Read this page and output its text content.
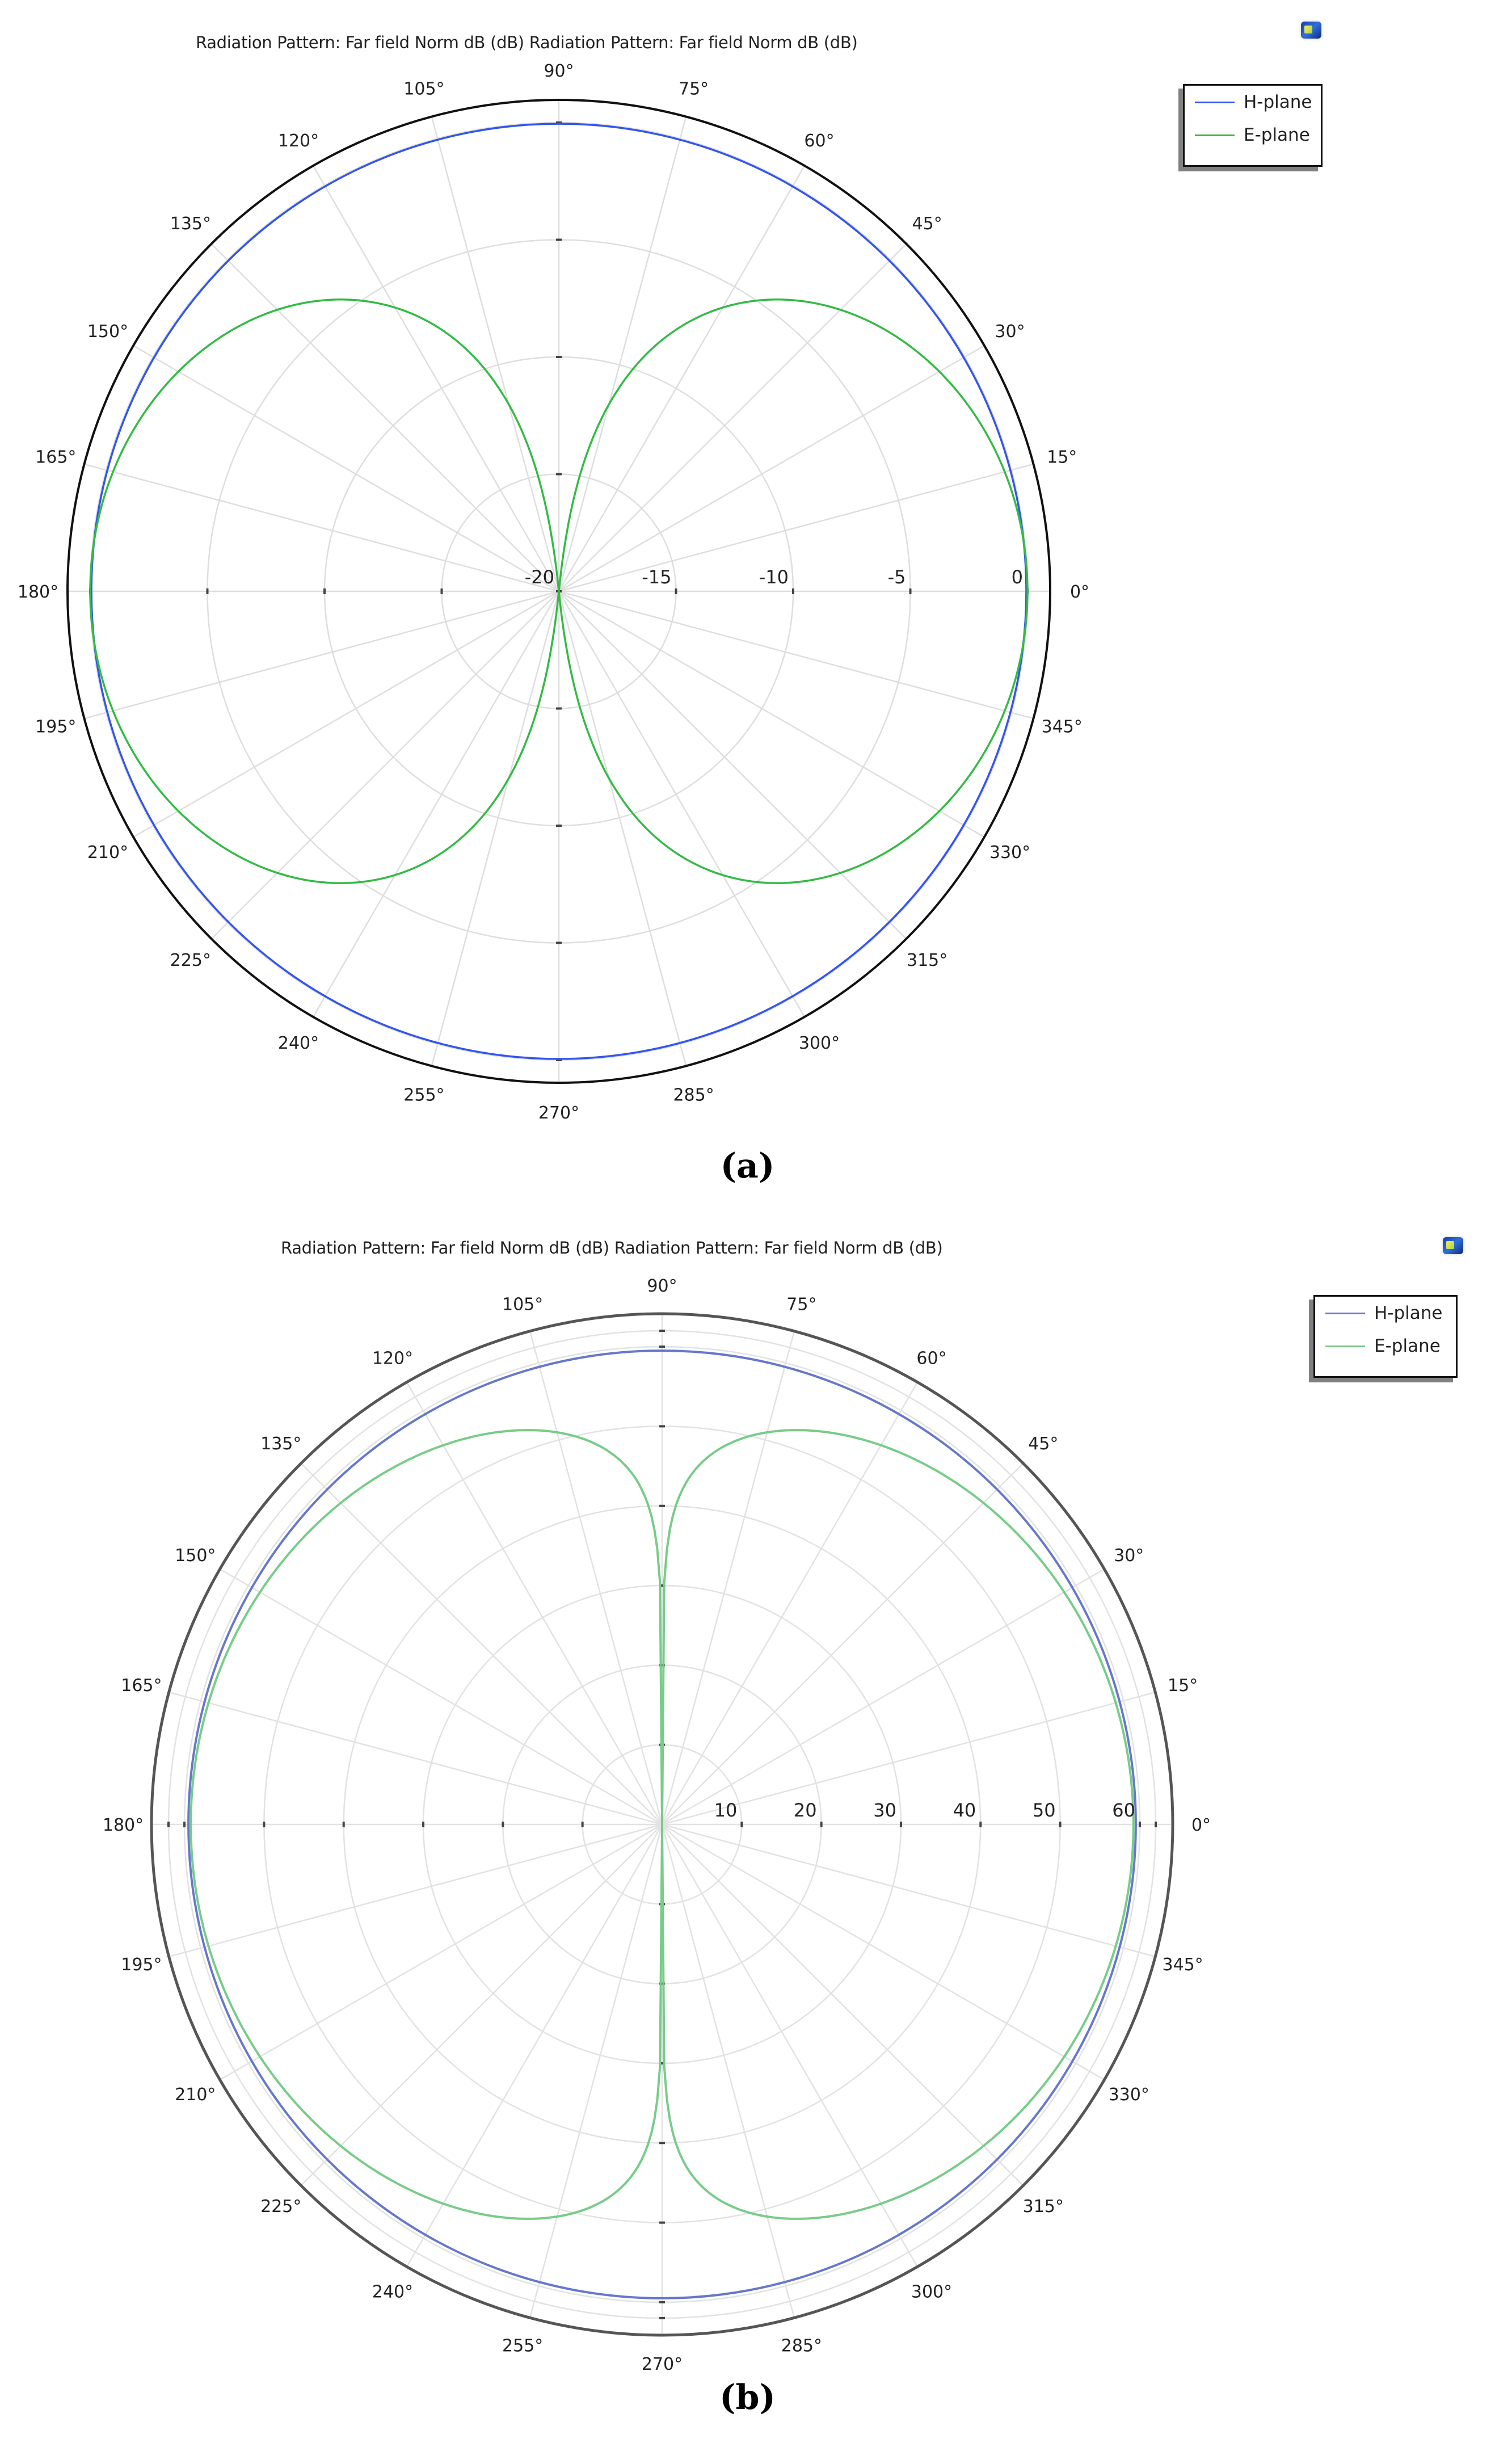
Radiation Pattern: Far field Norm dB (dB) Radiation Pattern: Far field Norm dB (dB)
H-plane
E-plane
0°
15°
30°
45°
60°
75°
90°
105°
120°
135°
150°
165°
180°
195°
210°
225°
240°
255°
270°
285°
300°
315°
330°
345°
-20	-15	-10	-5	0
(a)
Radiation Pattern: Far field Norm dB (dB) Radiation Pattern: Far field Norm dB (dB)
H-plane
E-plane
0°
15°
30°
45°
60°
75°
90°
105°
120°
135°
150°
165°
180°
195°
210°
225°
240°
255°
270°
285°
300°
315°
330°
345°
10	20	30	40	50	60
(b)
